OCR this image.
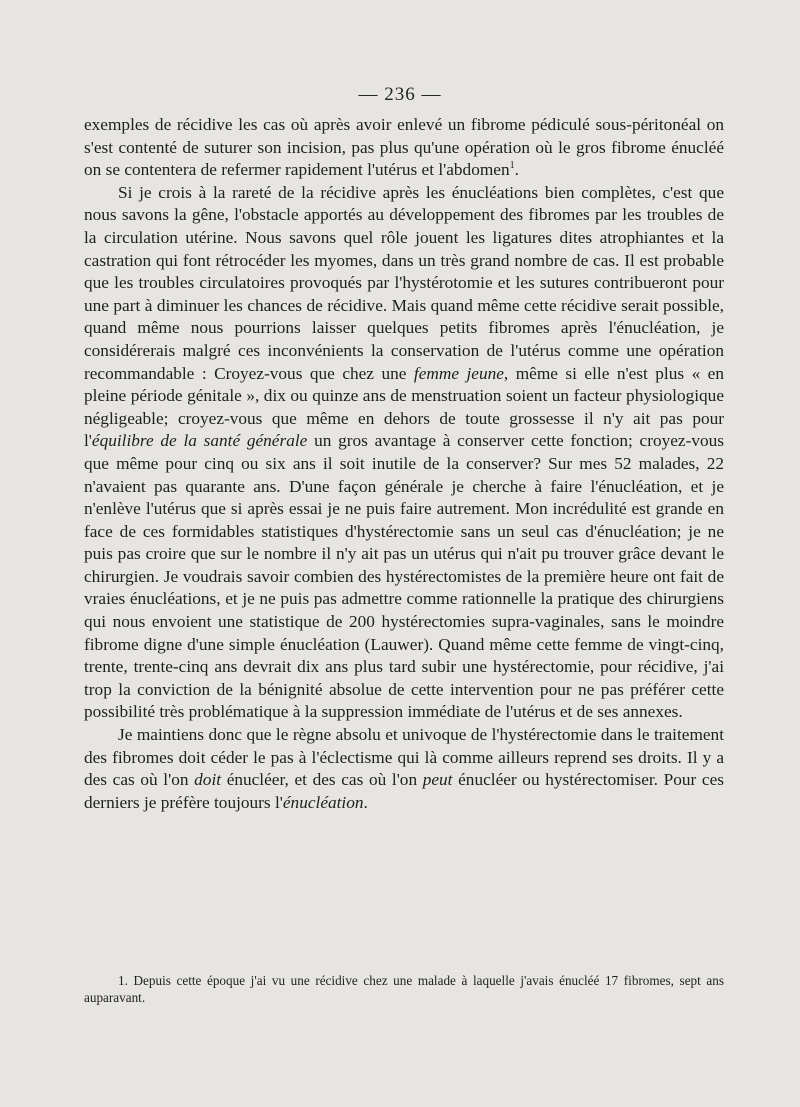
— 236 —

exemples de récidive les cas où après avoir enlevé un fibrome pédiculé sous-péritonéal on s'est contenté de suturer son incision, pas plus qu'une opération où le gros fibrome énucléé on se contentera de refermer rapidement l'utérus et l'abdomen$^1$.

Si je crois à la rareté de la récidive après les énucléations bien complètes, c'est que nous savons la gêne, l'obstacle apportés au développement des fibromes par les troubles de la circulation utérine. Nous savons quel rôle jouent les ligatures dites atrophiantes et la castration qui font rétrocéder les myomes, dans un très grand nombre de cas. Il est probable que les troubles circulatoires provoqués par l'hystérotomie et les sutures contribueront pour une part à diminuer les chances de récidive. Mais quand même cette récidive serait possible, quand même nous pourrions laisser quelques petits fibromes après l'énucléation, je considérerais malgré ces inconvénients la conservation de l'utérus comme une opération recommandable : Croyez-vous que chez une femme jeune, même si elle n'est plus « en pleine période génitale », dix ou quinze ans de menstruation soient un facteur physiologique négligeable; croyez-vous que même en dehors de toute grossesse il n'y ait pas pour l'équilibre de la santé générale un gros avantage à conserver cette fonction; croyez-vous que même pour cinq ou six ans il soit inutile de la conserver? Sur mes 52 malades, 22 n'avaient pas quarante ans. D'une façon générale je cherche à faire l'énucléation, et je n'enlève l'utérus que si après essai je ne puis faire autrement. Mon incrédulité est grande en face de ces formidables statistiques d'hystérectomie sans un seul cas d'énucléation; je ne puis pas croire que sur le nombre il n'y ait pas un utérus qui n'ait pu trouver grâce devant le chirurgien. Je voudrais savoir combien des hystérectomistes de la première heure ont fait de vraies énucléations, et je ne puis pas admettre comme rationnelle la pratique des chirurgiens qui nous envoient une statistique de 200 hystérectomies supra-vaginales, sans le moindre fibrome digne d'une simple énucléation (Lauwer). Quand même cette femme de vingt-cinq, trente, trente-cinq ans devrait dix ans plus tard subir une hystérectomie, pour récidive, j'ai trop la conviction de la bénignité absolue de cette intervention pour ne pas préférer cette possibilité très problématique à la suppression immédiate de l'utérus et de ses annexes.

Je maintiens donc que le règne absolu et univoque de l'hystérectomie dans le traitement des fibromes doit céder le pas à l'éclectisme qui là comme ailleurs reprend ses droits. Il y a des cas où l'on doit énucléer, et des cas où l'on peut énucléer ou hystérectomiser. Pour ces derniers je préfère toujours l'énucléation.

1. Depuis cette époque j'ai vu une récidive chez une malade à laquelle j'avais énucléé 17 fibromes, sept ans auparavant.
